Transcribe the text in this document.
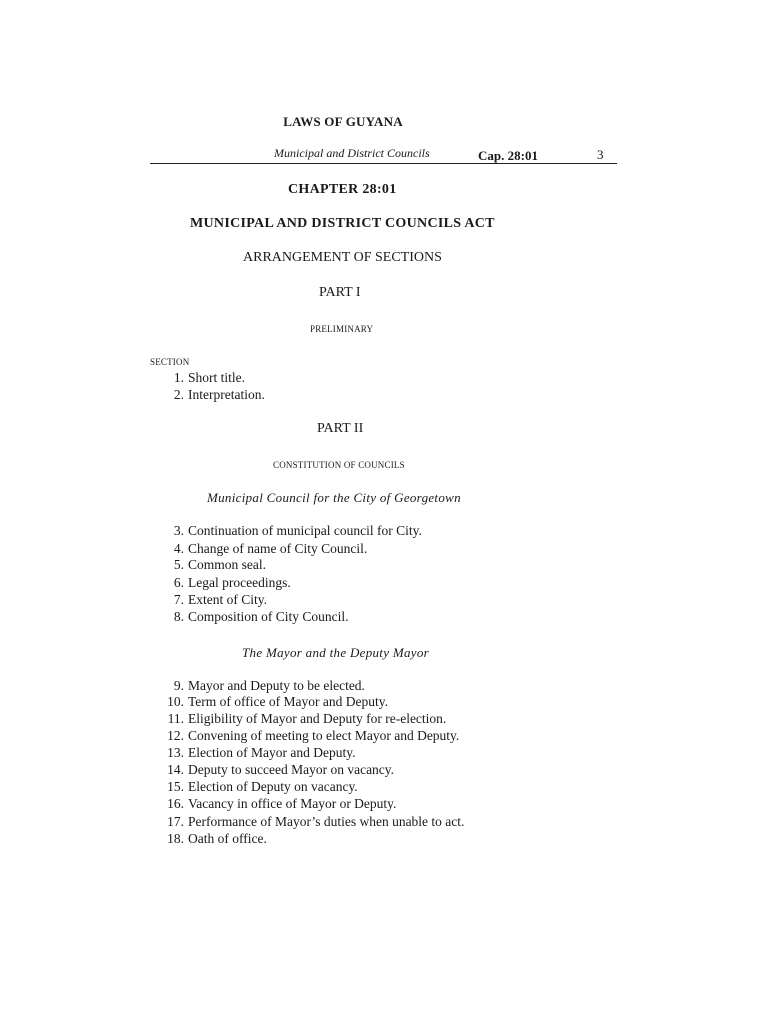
LAWS OF GUYANA
Municipal and District Councils	Cap. 28:01	3
CHAPTER 28:01
MUNICIPAL AND DISTRICT COUNCILS ACT
ARRANGEMENT OF SECTIONS
PART I
PRELIMINARY
SECTION
1. Short title.
2. Interpretation.
PART II
CONSTITUTION OF COUNCILS
Municipal Council for the City of Georgetown
3. Continuation of municipal council for City.
4. Change of name of City Council.
5. Common seal.
6. Legal proceedings.
7. Extent of City.
8. Composition of City Council.
The Mayor and the Deputy Mayor
9. Mayor and Deputy to be elected.
10. Term of office of Mayor and Deputy.
11. Eligibility of Mayor and Deputy for re-election.
12. Convening of meeting to elect Mayor and Deputy.
13. Election of Mayor and Deputy.
14. Deputy to succeed Mayor on vacancy.
15. Election of Deputy on vacancy.
16. Vacancy in office of Mayor or Deputy.
17. Performance of Mayor’s duties when unable to act.
18. Oath of office.
